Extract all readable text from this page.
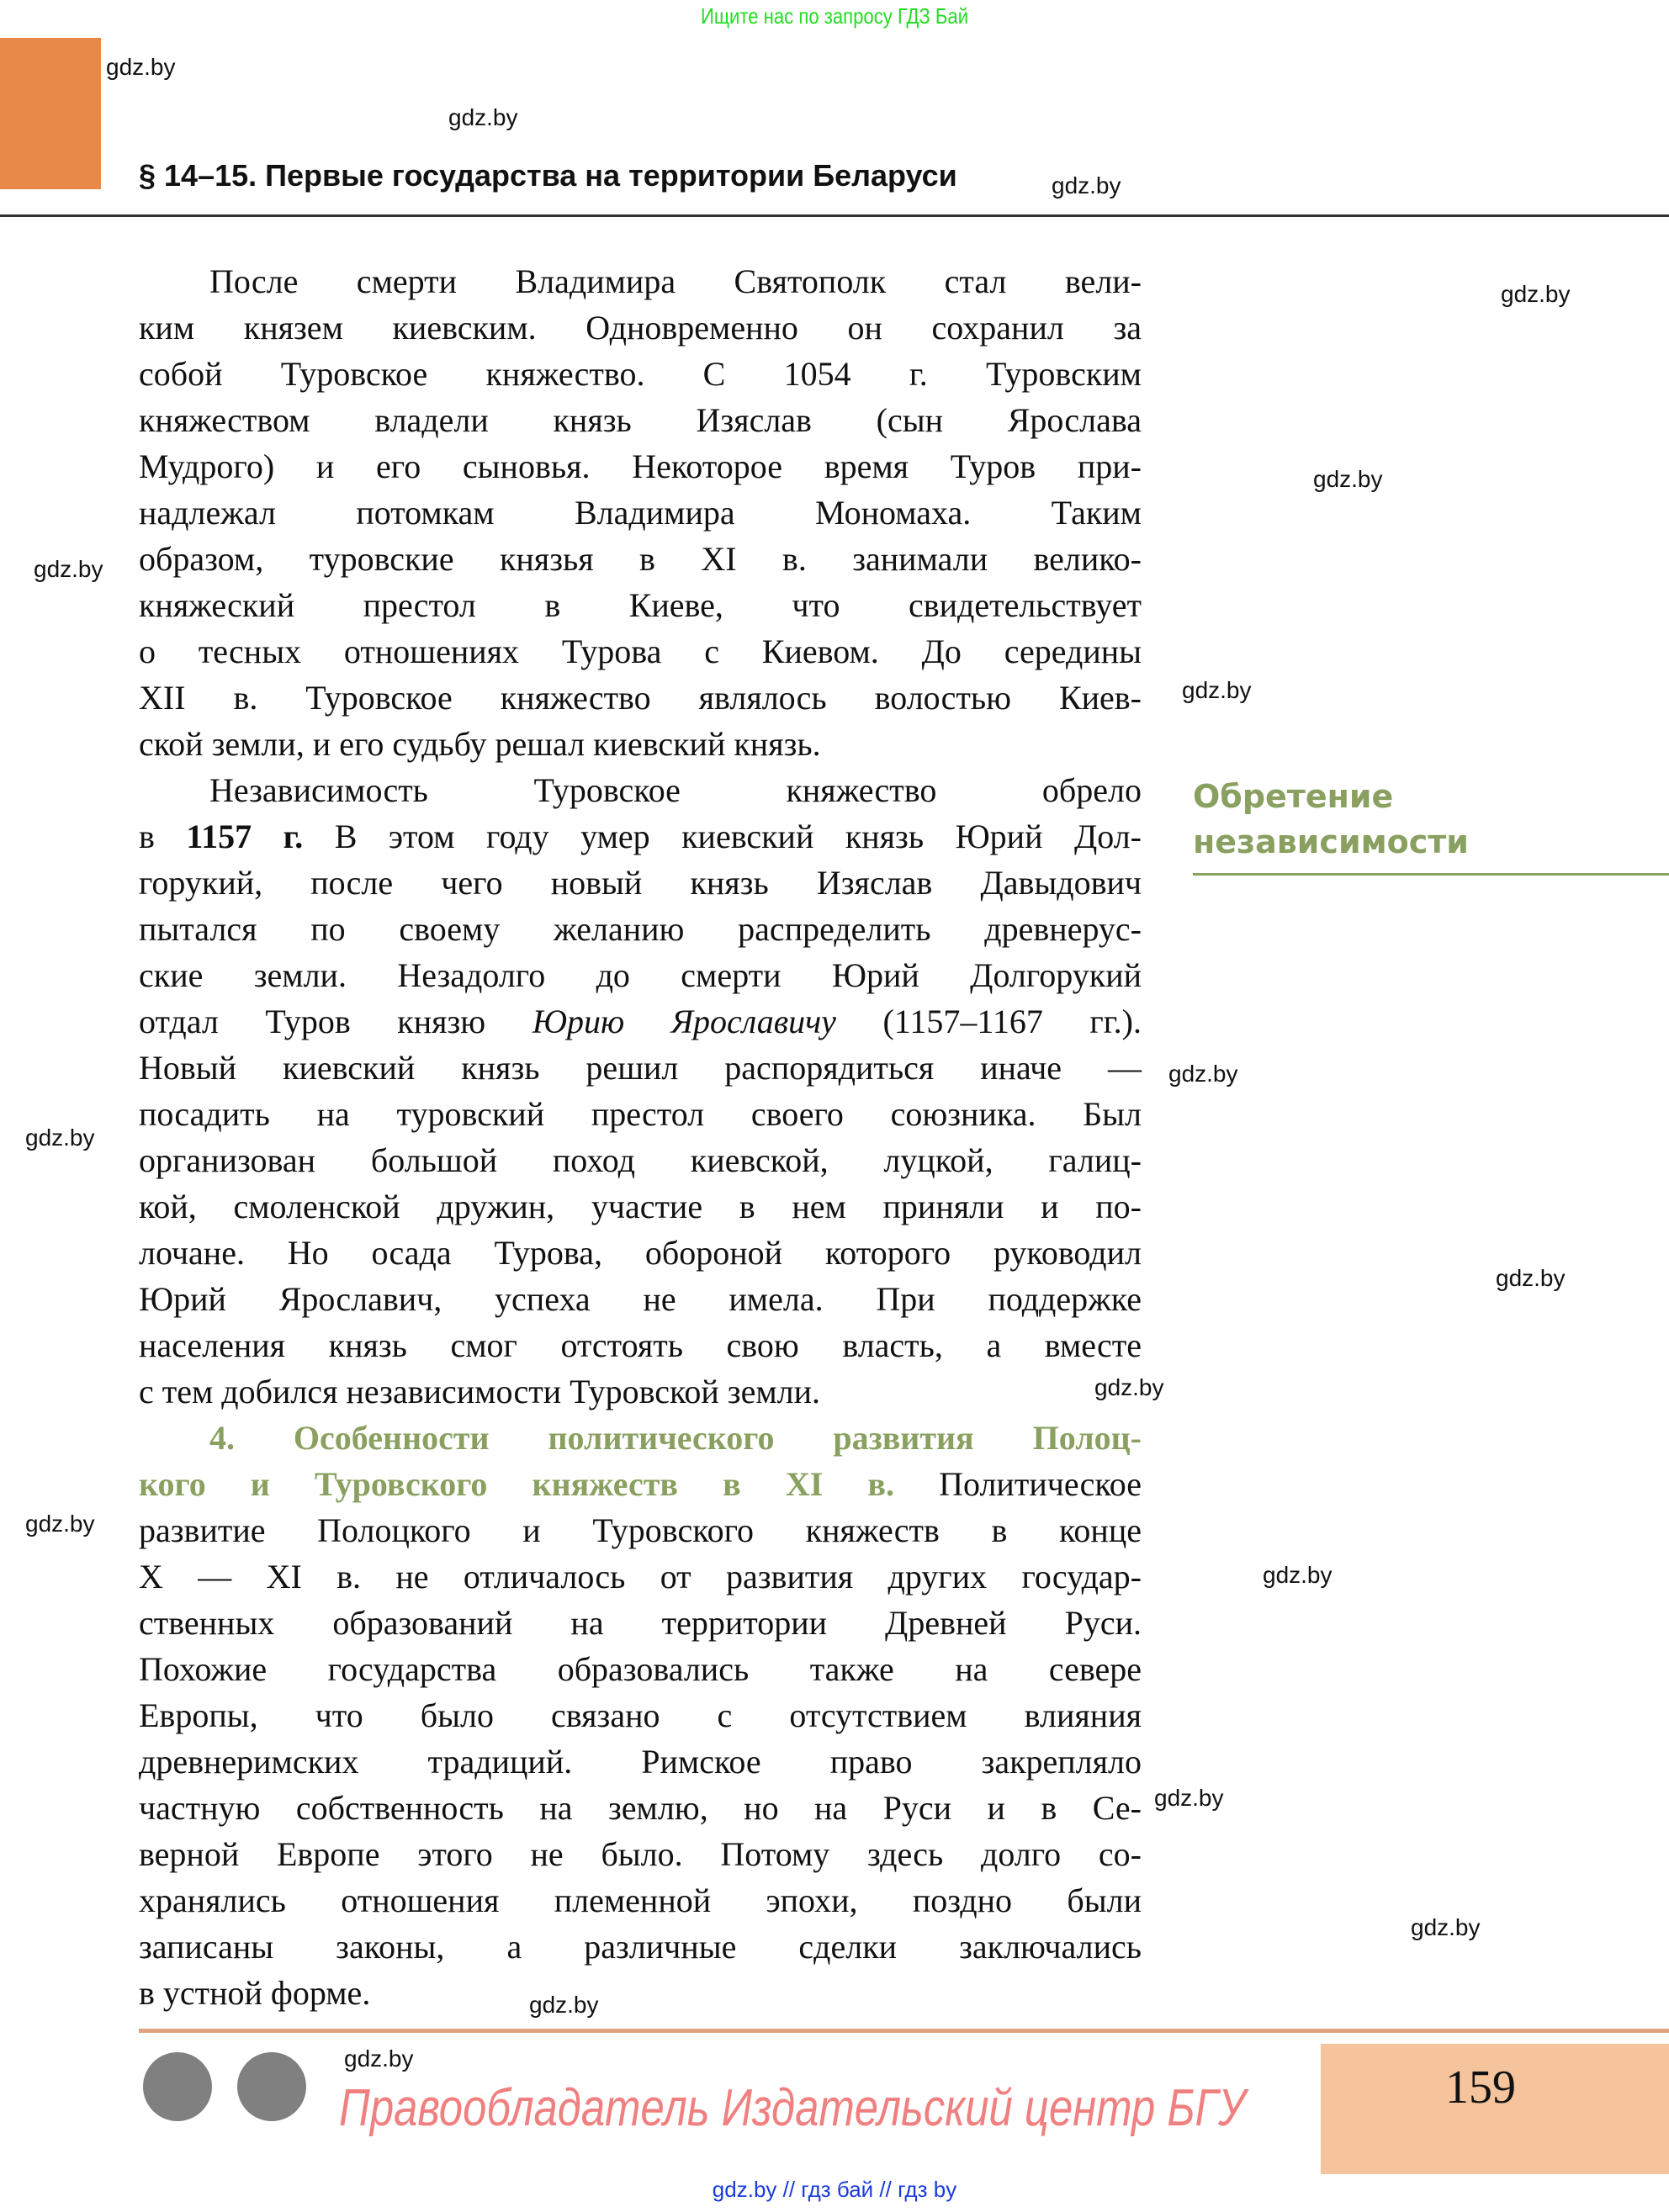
Ищите нас по запросу ГДЗ Бай
§ 14–15. Первые государства на территории Беларуси
gdz.by
gdz.by
gdz.by
gdz.by
gdz.by
gdz.by
gdz.by
gdz.by
gdz.by
gdz.by
gdz.by
gdz.by
gdz.by
gdz.by
gdz.by
gdz.by
gdz.by
После смерти Владимира Святополк стал вели-
ким князем киевским. Одновременно он сохранил за
собой Туровское княжество. С 1054 г. Туровским
княжеством владели князь Изяслав (сын Ярослава
Мудрого) и его сыновья. Некоторое время Туров при-
надлежал потомкам Владимира Мономаха. Таким
образом, туровские князья в XI в. занимали велико-
княжеский престол в Киеве, что свидетельствует
о тесных отношениях Турова с Киевом. До середины
XII в. Туровское княжество являлось волостью Киев-
ской земли, и его судьбу решал киевский князь.
Независимость Туровское княжество обрело
в 1157 г. В этом году умер киевский князь Юрий Дол-
горукий, после чего новый князь Изяслав Давыдович
пытался по своему желанию распределить древнерус-
ские земли. Незадолго до смерти Юрий Долгорукий
отдал Туров князю Юрию Ярославичу (1157–1167 гг.).
Новый киевский князь решил распорядиться иначе —
посадить на туровский престол своего союзника. Был
организован большой поход киевской, луцкой, галиц-
кой, смоленской дружин, участие в нем приняли и по-
лочане. Но осада Турова, обороной которого руководил
Юрий Ярославич, успеха не имела. При поддержке
населения князь смог отстоять свою власть, а вместе
с тем добился независимости Туровской земли.
4. Особенности политического развития Полоц-
кого и Туровского княжеств в XI в. Политическое
развитие Полоцкого и Туровского княжеств в конце
X — XI в. не отличалось от развития других государ-
ственных образований на территории Древней Руси.
Похожие государства образовались также на севере
Европы, что было связано с отсутствием влияния
древнеримских традиций. Римское право закрепляло
частную собственность на землю, но на Руси и в Се-
верной Европе этого не было. Потому здесь долго со-
хранялись отношения племенной эпохи, поздно были
записаны законы, а различные сделки заключались
в устной форме.
Обретение
независимости
159
Правообладатель Издательский центр БГУ
gdz.by // гдз бай // гдз by
